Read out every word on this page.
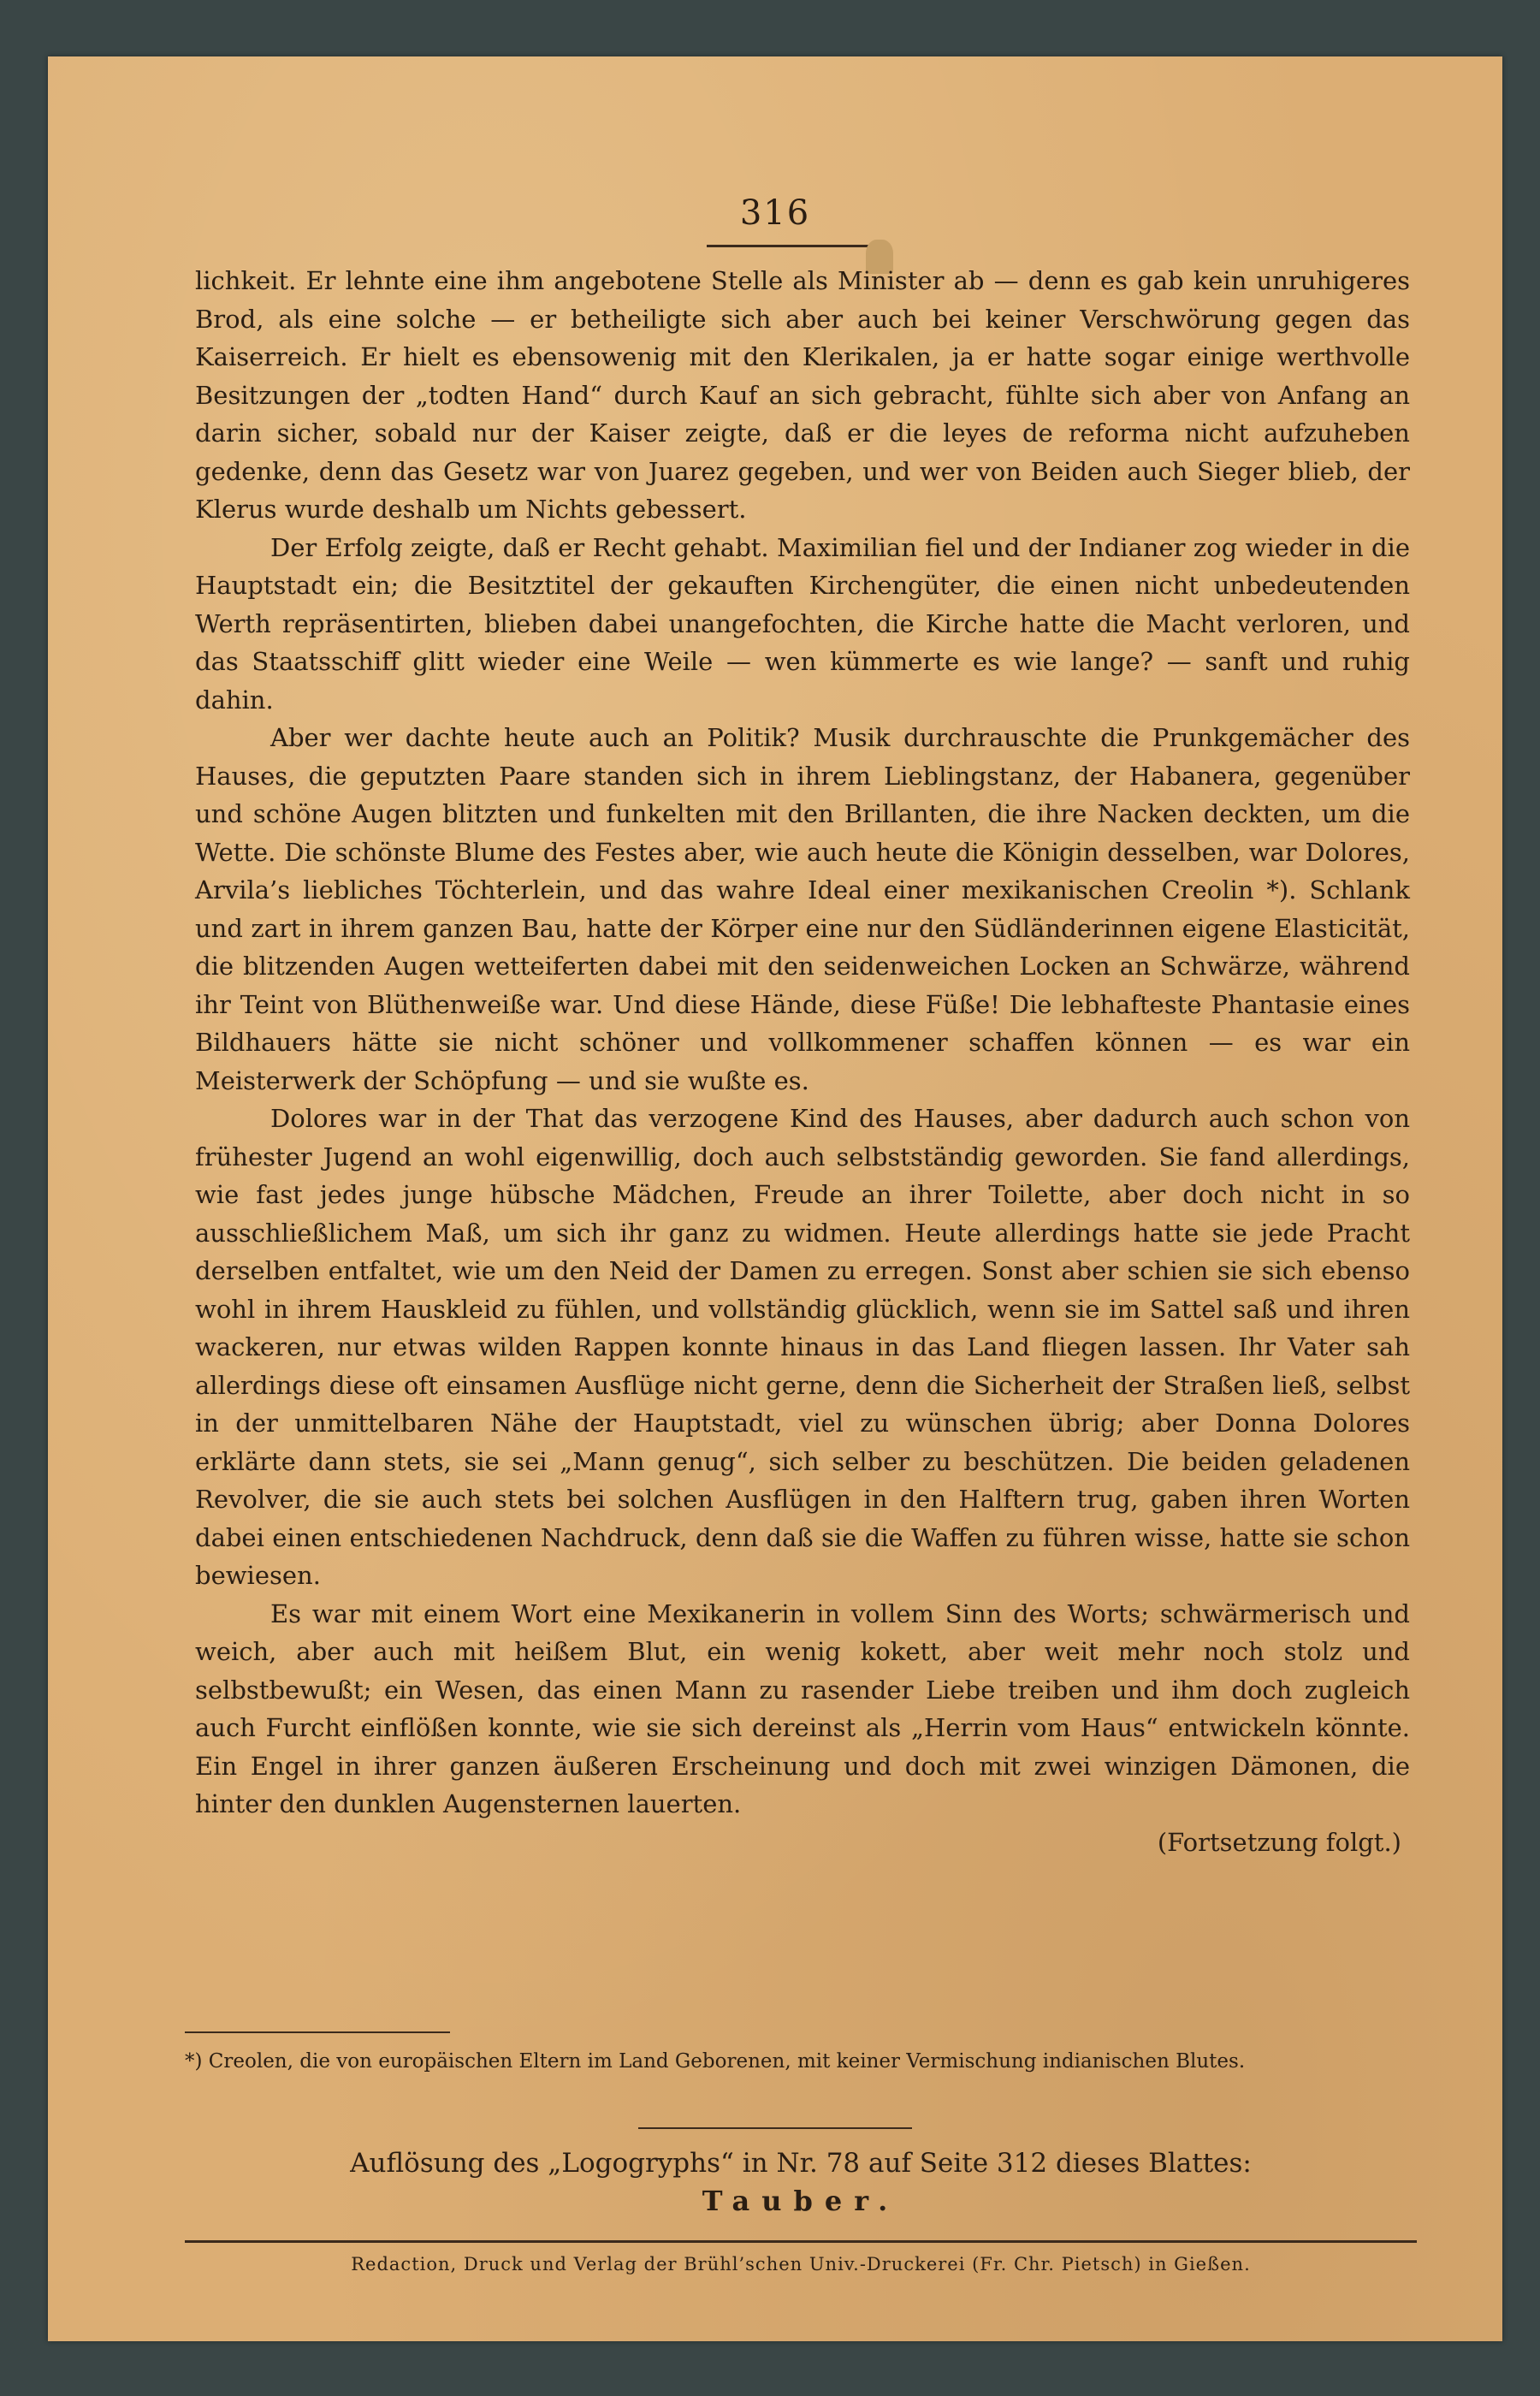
316

lichkeit. Er lehnte eine ihm angebotene Stelle als Minister ab — denn es gab kein unruhigeres Brod, als eine solche — er betheiligte sich aber auch bei keiner Verschwörung gegen das Kaiserreich. Er hielt es ebensowenig mit den Klerikalen, ja er hatte sogar einige werthvolle Besitzungen der „todten Hand“ durch Kauf an sich gebracht, fühlte sich aber von Anfang an darin sicher, sobald nur der Kaiser zeigte, daß er die leyes de reforma nicht aufzuheben gedenke, denn das Gesetz war von Juarez gegeben, und wer von Beiden auch Sieger blieb, der Klerus wurde deshalb um Nichts gebessert.

Der Erfolg zeigte, daß er Recht gehabt. Maximilian fiel und der Indianer zog wieder in die Hauptstadt ein; die Besitztitel der gekauften Kirchengüter, die einen nicht unbedeutenden Werth repräsentirten, blieben dabei unangefochten, die Kirche hatte die Macht verloren, und das Staatsschiff glitt wieder eine Weile — wen kümmerte es wie lange? — sanft und ruhig dahin.

Aber wer dachte heute auch an Politik? Musik durchrauschte die Prunkgemächer des Hauses, die geputzten Paare standen sich in ihrem Lieblingstanz, der Habanera, gegenüber und schöne Augen blitzten und funkelten mit den Brillanten, die ihre Nacken deckten, um die Wette. Die schönste Blume des Festes aber, wie auch heute die Königin desselben, war Dolores, Arvila’s liebliches Töchterlein, und das wahre Ideal einer mexikanischen Creolin *). Schlank und zart in ihrem ganzen Bau, hatte der Körper eine nur den Südländerinnen eigene Elasticität, die blitzenden Augen wetteiferten dabei mit den seidenweichen Locken an Schwärze, während ihr Teint von Blüthenweiße war. Und diese Hände, diese Füße! Die lebhafteste Phantasie eines Bildhauers hätte sie nicht schöner und vollkommener schaffen können — es war ein Meisterwerk der Schöpfung — und sie wußte es.

Dolores war in der That das verzogene Kind des Hauses, aber dadurch auch schon von frühester Jugend an wohl eigenwillig, doch auch selbstständig geworden. Sie fand allerdings, wie fast jedes junge hübsche Mädchen, Freude an ihrer Toilette, aber doch nicht in so ausschließlichem Maß, um sich ihr ganz zu widmen. Heute allerdings hatte sie jede Pracht derselben entfaltet, wie um den Neid der Damen zu erregen. Sonst aber schien sie sich ebenso wohl in ihrem Hauskleid zu fühlen, und vollständig glücklich, wenn sie im Sattel saß und ihren wackeren, nur etwas wilden Rappen konnte hinaus in das Land fliegen lassen. Ihr Vater sah allerdings diese oft einsamen Ausflüge nicht gerne, denn die Sicherheit der Straßen ließ, selbst in der unmittelbaren Nähe der Hauptstadt, viel zu wünschen übrig; aber Donna Dolores erklärte dann stets, sie sei „Mann genug“, sich selber zu beschützen. Die beiden geladenen Revolver, die sie auch stets bei solchen Ausflügen in den Halftern trug, gaben ihren Worten dabei einen entschiedenen Nachdruck, denn daß sie die Waffen zu führen wisse, hatte sie schon bewiesen.

Es war mit einem Wort eine Mexikanerin in vollem Sinn des Worts; schwärmerisch und weich, aber auch mit heißem Blut, ein wenig kokett, aber weit mehr noch stolz und selbstbewußt; ein Wesen, das einen Mann zu rasender Liebe treiben und ihm doch zugleich auch Furcht einflößen konnte, wie sie sich dereinst als „Herrin vom Haus“ entwickeln könnte. Ein Engel in ihrer ganzen äußeren Erscheinung und doch mit zwei winzigen Dämonen, die hinter den dunklen Augensternen lauerten.

(Fortsetzung folgt.)
*) Creolen, die von europäischen Eltern im Land Geborenen, mit keiner Vermischung indianischen Blutes.
Auflösung des „Logogryphs“ in Nr. 78 auf Seite 312 dieses Blattes:
Tauber.
Redaction, Druck und Verlag der Brühl’schen Univ.-Druckerei (Fr. Chr. Pietsch) in Gießen.
